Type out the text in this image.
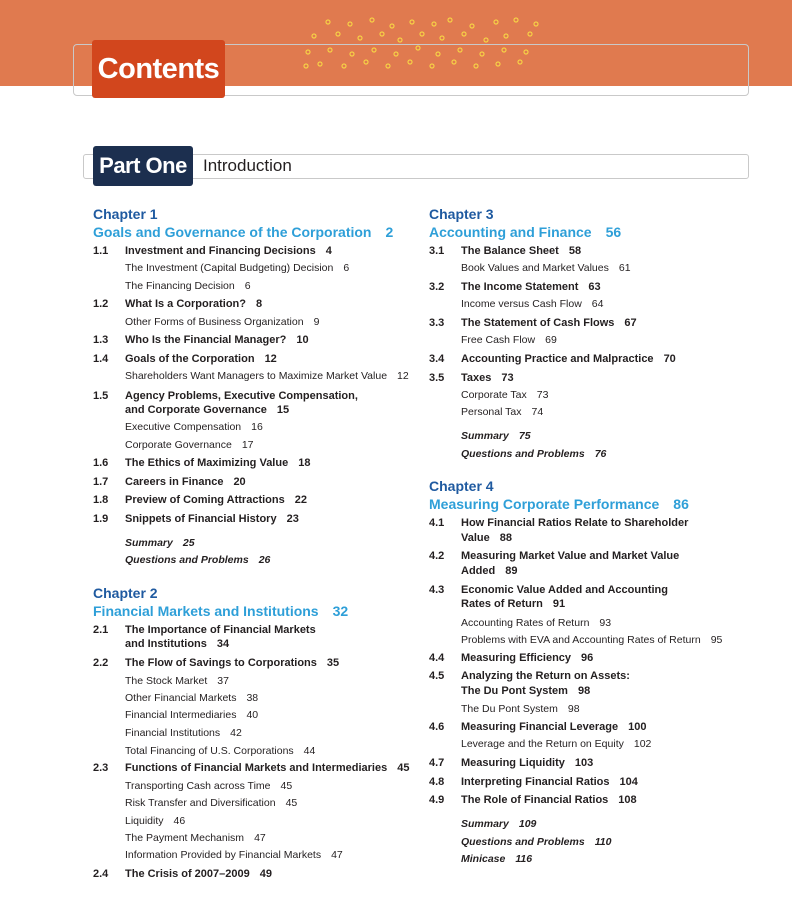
Contents
Part One Introduction
Chapter 1
Goals and Governance of the Corporation 2
1.1 Investment and Financing Decisions 4
The Investment (Capital Budgeting) Decision 6
The Financing Decision 6
1.2 What Is a Corporation? 8
Other Forms of Business Organization 9
1.3 Who Is the Financial Manager? 10
1.4 Goals of the Corporation 12
Shareholders Want Managers to Maximize Market Value 12
1.5 Agency Problems, Executive Compensation,
and Corporate Governance 15
Executive Compensation 16
Corporate Governance 17
1.6 The Ethics of Maximizing Value 18
1.7 Careers in Finance 20
1.8 Preview of Coming Attractions 22
1.9 Snippets of Financial History 23
Summary 25
Questions and Problems 26
Chapter 2
Financial Markets and Institutions 32
2.1 The Importance of Financial Markets
and Institutions 34
2.2 The Flow of Savings to Corporations 35
The Stock Market 37
Other Financial Markets 38
Financial Intermediaries 40
Financial Institutions 42
Total Financing of U.S. Corporations 44
2.3 Functions of Financial Markets and Intermediaries 45
Transporting Cash across Time 45
Risk Transfer and Diversification 45
Liquidity 46
The Payment Mechanism 47
Information Provided by Financial Markets 47
2.4 The Crisis of 2007–2009 49
Chapter 3
Accounting and Finance 56
3.1 The Balance Sheet 58
Book Values and Market Values 61
3.2 The Income Statement 63
Income versus Cash Flow 64
3.3 The Statement of Cash Flows 67
Free Cash Flow 69
3.4 Accounting Practice and Malpractice 70
3.5 Taxes 73
Corporate Tax 73
Personal Tax 74
Summary 75
Questions and Problems 76
Chapter 4
Measuring Corporate Performance 86
4.1 How Financial Ratios Relate to Shareholder
Value 88
4.2 Measuring Market Value and Market Value
Added 89
4.3 Economic Value Added and Accounting
Rates of Return 91
Accounting Rates of Return 93
Problems with EVA and Accounting Rates of Return 95
4.4 Measuring Efficiency 96
4.5 Analyzing the Return on Assets:
The Du Pont System 98
The Du Pont System 98
4.6 Measuring Financial Leverage 100
Leverage and the Return on Equity 102
4.7 Measuring Liquidity 103
4.8 Interpreting Financial Ratios 104
4.9 The Role of Financial Ratios 108
Summary 109
Questions and Problems 110
Minicase 116
